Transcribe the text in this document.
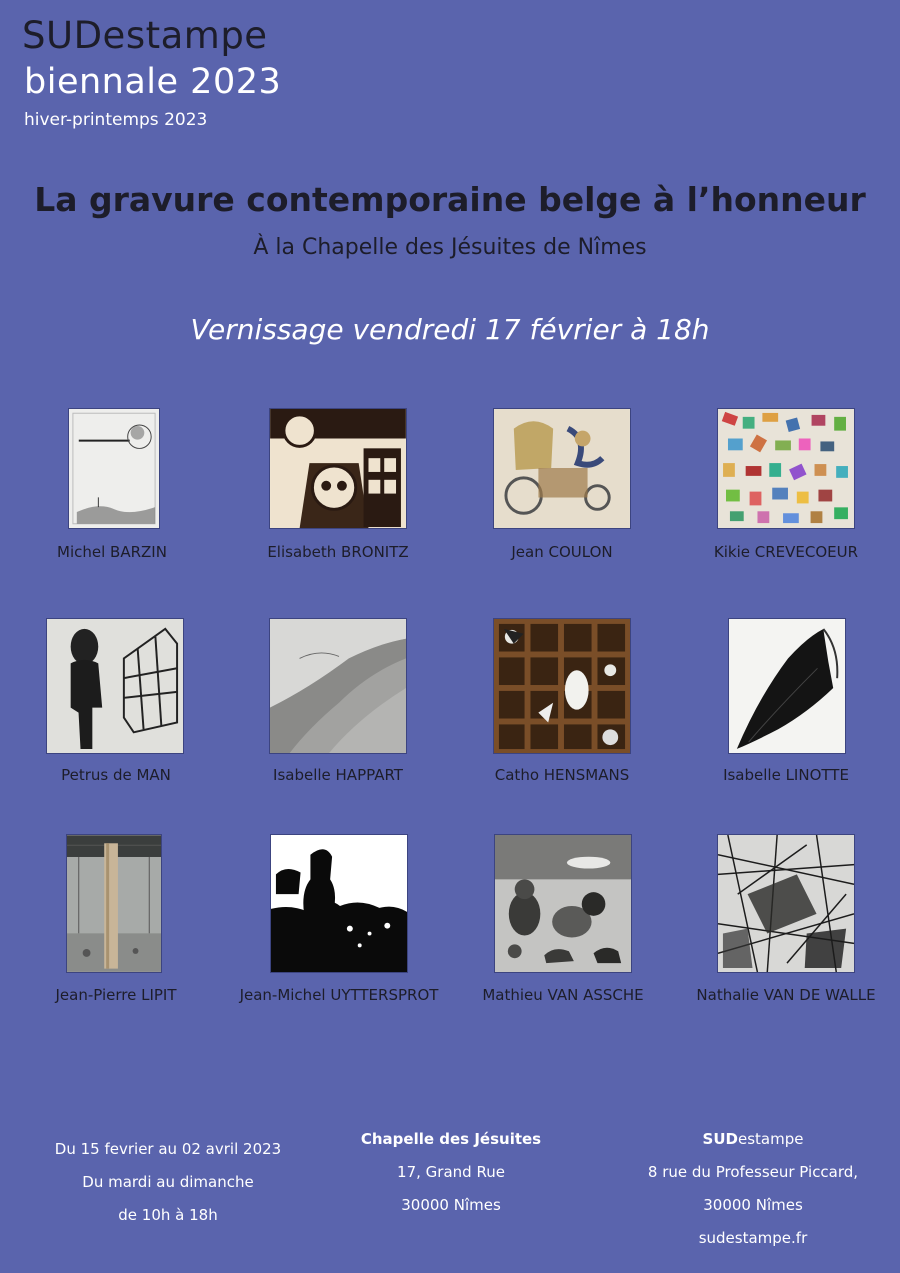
SUDestampe
biennale 2023
hiver-printemps 2023
La gravure contemporaine belge à l’honneur
À la Chapelle des Jésuites de Nîmes
Vernissage vendredi 17 février à 18h
Michel BARZIN	Elisabeth BRONITZ	Jean COULON	Kikie CREVECOEUR
Petrus de MAN	Isabelle HAPPART	Catho HENSMANS	Isabelle LINOTTE
Jean-Pierre LIPIT	Jean-Michel UYTTERSPROT	Mathieu VAN ASSCHE	Nathalie VAN DE WALLE
Du 15 fevrier au 02 avril 2023
Du mardi au dimanche
de 10h à 18h
Chapelle des Jésuites
17, Grand Rue
30000 Nîmes
SUDestampe
8 rue du Professeur Piccard,
30000 Nîmes
sudestampe.fr
